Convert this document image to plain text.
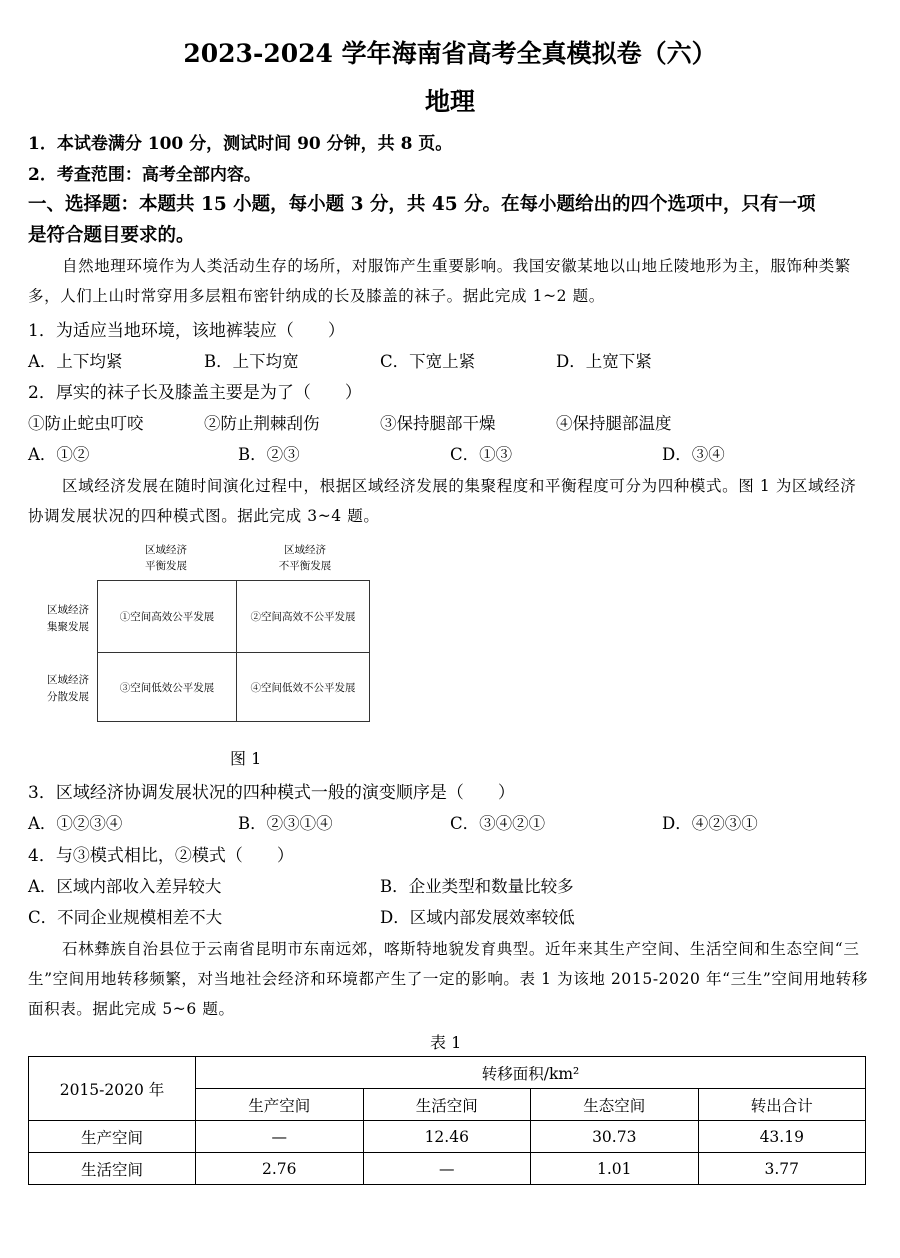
2023-2024 学年海南省高考全真模拟卷（六）
地理
1．本试卷满分 100 分，测试时间 90 分钟，共 8 页。
2．考查范围：高考全部内容。
一、选择题：本题共 15 小题，每小题 3 分，共 45 分。在每小题给出的四个选项中，只有一项
是符合题目要求的。
自然地理环境作为人类活动生存的场所，对服饰产生重要影响。我国安徽某地以山地丘陵地形为主，服饰种类繁多，人们上山时常穿用多层粗布密针纳成的长及膝盖的袜子。据此完成 1~2 题。
1．为适应当地环境，该地裤装应（　　）
A．上下均紧	B．上下均宽	C．下宽上紧	D．上宽下紧
2．厚实的袜子长及膝盖主要是为了（　　）
①防止蛇虫叮咬	②防止荆棘刮伤	③保持腿部干燥	④保持腿部温度
A．①②	B．②③	C．①③	D．③④
区域经济发展在随时间演化过程中，根据区域经济发展的集聚程度和平衡程度可分为四种模式。图 1 为区域经济协调发展状况的四种模式图。据此完成 3~4 题。
区域经济
平衡发展
区域经济
不平衡发展
区域经济
集聚发展
区域经济
分散发展
①空间高效公平发展	②空间高效不公平发展
③空间低效公平发展	④空间低效不公平发展
图 1
3．区域经济协调发展状况的四种模式一般的演变顺序是（　　）
A．①②③④	B．②③①④	C．③④②①	D．④②③①
4．与③模式相比，②模式（　　）
A．区域内部收入差异较大	B．企业类型和数量比较多
C．不同企业规模相差不大	D．区域内部发展效率较低
石林彝族自治县位于云南省昆明市东南远郊，喀斯特地貌发育典型。近年来其生产空间、生活空间和生态空间“三生”空间用地转移频繁，对当地社会经济和环境都产生了一定的影响。表 1 为该地 2015-2020 年“三生”空间用地转移面积表。据此完成 5~6 题。
表 1
2015-2020 年	转移面积/km²			
	生产空间	生活空间	生态空间	转出合计
生产空间	—	12.46	30.73	43.19
生活空间	2.76	—	1.01	3.77
